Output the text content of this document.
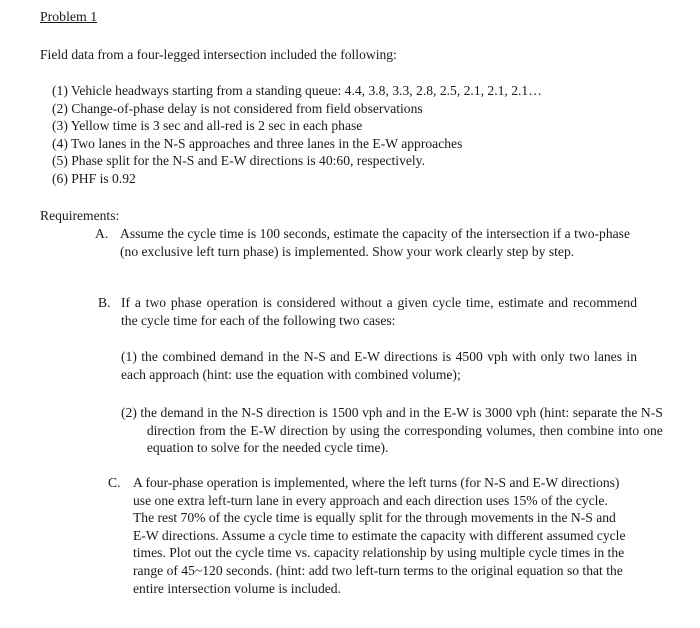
Problem 1
Field data from a four-legged intersection included the following:
(1) Vehicle headways starting from a standing queue: 4.4, 3.8, 3.3, 2.8, 2.5, 2.1, 2.1, 2.1…
(2) Change-of-phase delay is not considered from field observations
(3) Yellow time is 3 sec and all-red is 2 sec in each phase
(4) Two lanes in the N-S approaches and three lanes in the E-W approaches
(5) Phase split for the N-S and E-W directions is 40:60, respectively.
(6) PHF is 0.92
Requirements:
A. Assume the cycle time is 100 seconds, estimate the capacity of the intersection if a two-phase (no exclusive left turn phase) is implemented. Show your work clearly step by step.
B. If a two phase operation is considered without a given cycle time, estimate and recommend the cycle time for each of the following two cases:
(1) the combined demand in the N-S and E-W directions is 4500 vph with only two lanes in each approach (hint: use the equation with combined volume);
(2) the demand in the N-S direction is 1500 vph and in the E-W is 3000 vph (hint: separate the N-S direction from the E-W direction by using the corresponding volumes, then combine into one equation to solve for the needed cycle time).
C. A four-phase operation is implemented, where the left turns (for N-S and E-W directions) use one extra left-turn lane in every approach and each direction uses 15% of the cycle. The rest 70% of the cycle time is equally split for the through movements in the N-S and E-W directions. Assume a cycle time to estimate the capacity with different assumed cycle times. Plot out the cycle time vs. capacity relationship by using multiple cycle times in the range of 45~120 seconds. (hint: add two left-turn terms to the original equation so that the entire intersection volume is included.
